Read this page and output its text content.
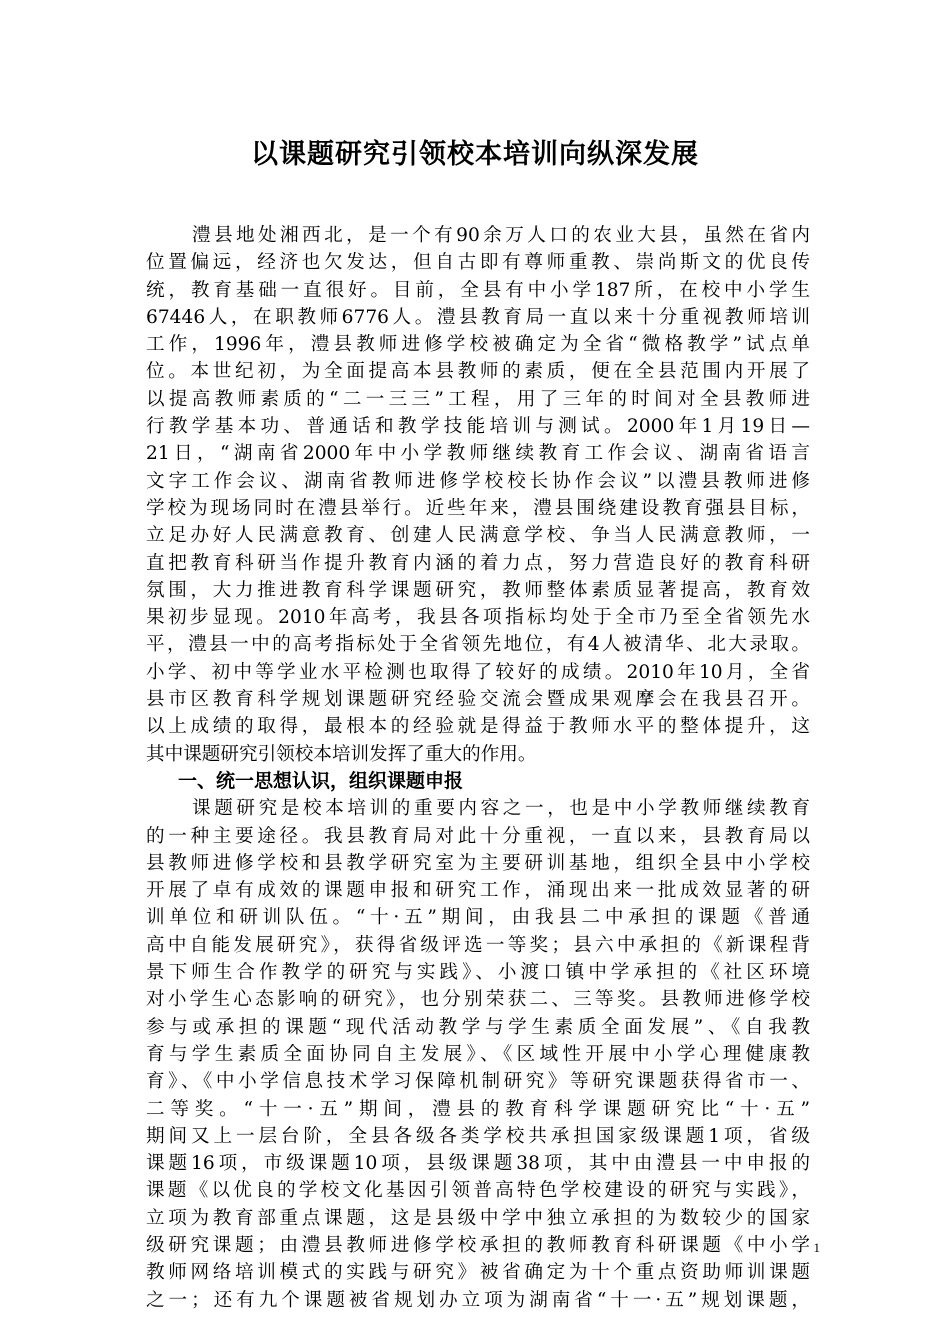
以课题研究引领校本培训向纵深发展
澧县地处湘西北，是一个有90余万人口的农业大县，虽然在省内
位置偏远，经济也欠发达，但自古即有尊师重教、崇尚斯文的优良传
统，教育基础一直很好。目前，全县有中小学187所，在校中小学生
67446人，在职教师6776人。澧县教育局一直以来十分重视教师培训
工作，1996年，澧县教师进修学校被确定为全省“微格教学”试点单
位。本世纪初，为全面提高本县教师的素质，便在全县范围内开展了
以提高教师素质的“二一三三”工程，用了三年的时间对全县教师进
行教学基本功、普通话和教学技能培训与测试。2000年1月19日—
21日，“湖南省2000年中小学教师继续教育工作会议、湖南省语言
文字工作会议、湖南省教师进修学校校长协作会议”以澧县教师进修
学校为现场同时在澧县举行。近些年来，澧县围绕建设教育强县目标，
立足办好人民满意教育、创建人民满意学校、争当人民满意教师，一
直把教育科研当作提升教育内涵的着力点，努力营造良好的教育科研
氛围，大力推进教育科学课题研究，教师整体素质显著提高，教育效
果初步显现。2010年高考，我县各项指标均处于全市乃至全省领先水
平，澧县一中的高考指标处于全省领先地位，有4人被清华、北大录取。
小学、初中等学业水平检测也取得了较好的成绩。2010年10月，全省
县市区教育科学规划课题研究经验交流会暨成果观摩会在我县召开。
以上成绩的取得，最根本的经验就是得益于教师水平的整体提升，这
其中课题研究引领校本培训发挥了重大的作用。
一、统一思想认识，组织课题申报
课题研究是校本培训的重要内容之一，也是中小学教师继续教育
的一种主要途径。我县教育局对此十分重视，一直以来，县教育局以
县教师进修学校和县教学研究室为主要研训基地，组织全县中小学校
开展了卓有成效的课题申报和研究工作，涌现出来一批成效显著的研
训单位和研训队伍。“十·五”期间，由我县二中承担的课题《普通
高中自能发展研究》，获得省级评选一等奖；县六中承担的《新课程背
景下师生合作教学的研究与实践》、小渡口镇中学承担的《社区环境
对小学生心态影响的研究》，也分别荣获二、三等奖。县教师进修学校
参与或承担的课题“现代活动教学与学生素质全面发展”、《自我教
育与学生素质全面协同自主发展》、《区域性开展中小学心理健康教
育》、《中小学信息技术学习保障机制研究》等研究课题获得省市一、
二等奖。“十一·五”期间，澧县的教育科学课题研究比“十·五”
期间又上一层台阶，全县各级各类学校共承担国家级课题1项，省级
课题16项，市级课题10项，县级课题38项，其中由澧县一中申报的
课题《以优良的学校文化基因引领普高特色学校建设的研究与实践》，
立项为教育部重点课题，这是县级中学中独立承担的为数较少的国家
级研究课题；由澧县教师进修学校承担的教师教育科研课题《中小学
教师网络培训模式的实践与研究》被省确定为十个重点资助师训课题
之一；还有九个课题被省规划办立项为湖南省“十一·五”规划课题，
1
